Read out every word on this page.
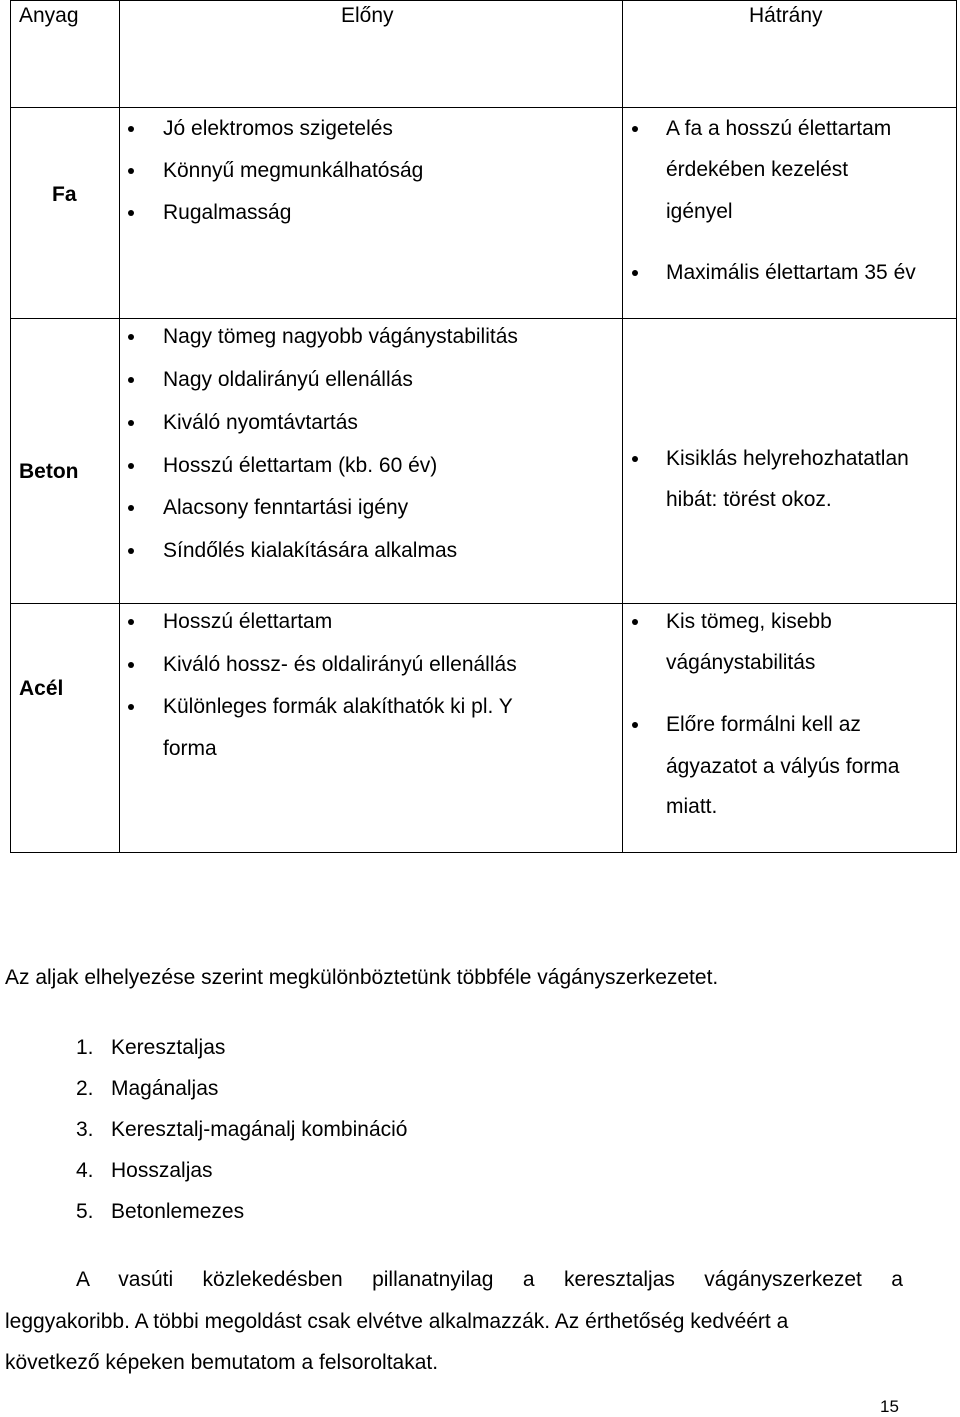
Anyag	Előny	Hátrány
Fa
Jó elektromos szigetelés
Könnyű megmunkálhatóság
Rugalmasság
A fa a hosszú élettartam
érdekében kezelést
igényel
Maximális élettartam 35 év
Beton
Nagy tömeg nagyobb vágánystabilitás
Nagy oldalirányú ellenállás
Kiváló nyomtávtartás
Hosszú élettartam (kb. 60 év)
Alacsony fenntartási igény
Síndőlés kialakítására alkalmas
Kisiklás helyrehozhatatlan
hibát: törést okoz.
Acél
Hosszú élettartam
Kiváló hossz- és oldalirányú ellenállás
Különleges formák alakíthatók ki pl. Y
forma
Kis tömeg, kisebb
vágánystabilitás
Előre formálni kell az
ágyazatot a vályús forma
miatt.
Az aljak elhelyezése szerint megkülönböztetünk többféle vágányszerkezetet.
1. Keresztaljas
2. Magánaljas
3. Keresztalj-magánalj kombináció
4. Hosszaljas
5. Betonlemezes
A vasúti közlekedésben pillanatnyilag a keresztaljas vágányszerkezet a
leggyakoribb. A többi megoldást csak elvétve alkalmazzák. Az érthetőség kedvéért a
következő képeken bemutatom a felsoroltakat.
15
